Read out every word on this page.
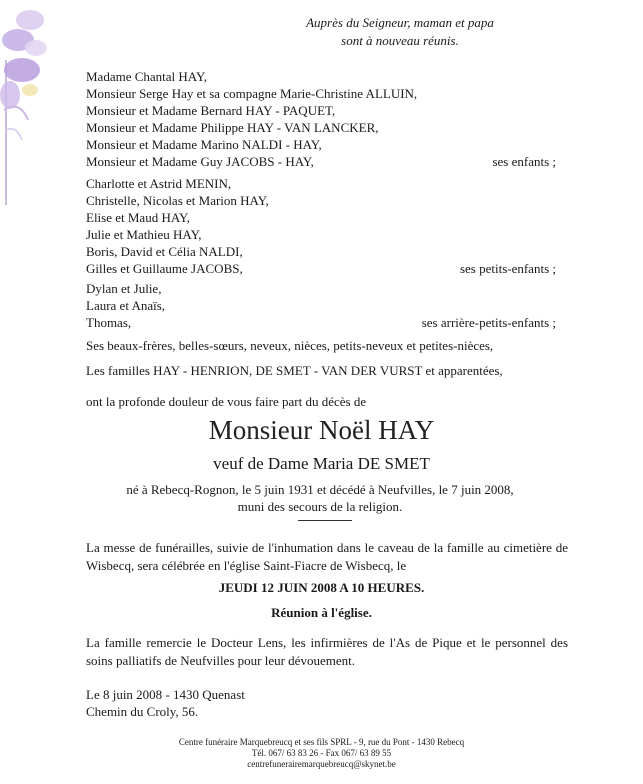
Auprès du Seigneur, maman et papa
sont à nouveau réunis.
Madame Chantal HAY,
Monsieur Serge Hay et sa compagne Marie-Christine ALLUIN,
Monsieur et Madame Bernard HAY - PAQUET,
Monsieur et Madame Philippe HAY - VAN LANCKER,
Monsieur et Madame Marino NALDI - HAY,
Monsieur et Madame Guy JACOBS - HAY,	ses enfants ;
Charlotte et Astrid MENIN,
Christelle, Nicolas et Marion HAY,
Elise et Maud HAY,
Julie et Mathieu HAY,
Boris, David et Célia NALDI,
Gilles et Guillaume JACOBS,	ses petits-enfants ;
Dylan et Julie,
Laura et Anaïs,
Thomas,	ses arrière-petits-enfants ;
Ses beaux-frères, belles-sœurs, neveux, nièces, petits-neveux et petites-nièces,
Les familles HAY - HENRION, DE SMET - VAN DER VURST et apparentées,
ont la profonde douleur de vous faire part du décès de
Monsieur Noël HAY
veuf de Dame Maria DE SMET
né à Rebecq-Rognon, le 5 juin 1931 et décédé à Neufvilles, le 7 juin 2008,
muni des secours de la religion.
La messe de funérailles, suivie de l'inhumation dans le caveau de la famille au cimetière de Wisbecq, sera célébrée en l'église Saint-Fiacre de Wisbecq, le
JEUDI 12 JUIN 2008 A 10 HEURES.
Réunion à l'église.
La famille remercie le Docteur Lens, les infirmières de l'As de Pique et le personnel des soins palliatifs de Neufvilles pour leur dévouement.
Le 8 juin 2008 - 1430 Quenast
Chemin du Croly, 56.
Centre funéraire Marquebreucq et ses fils SPRL - 9, rue du Pont - 1430 Rebecq
Tél. 067/ 63 83 26 - Fax 067/ 63 89 55
centrefunerairemarquebreucq@skynet.be
